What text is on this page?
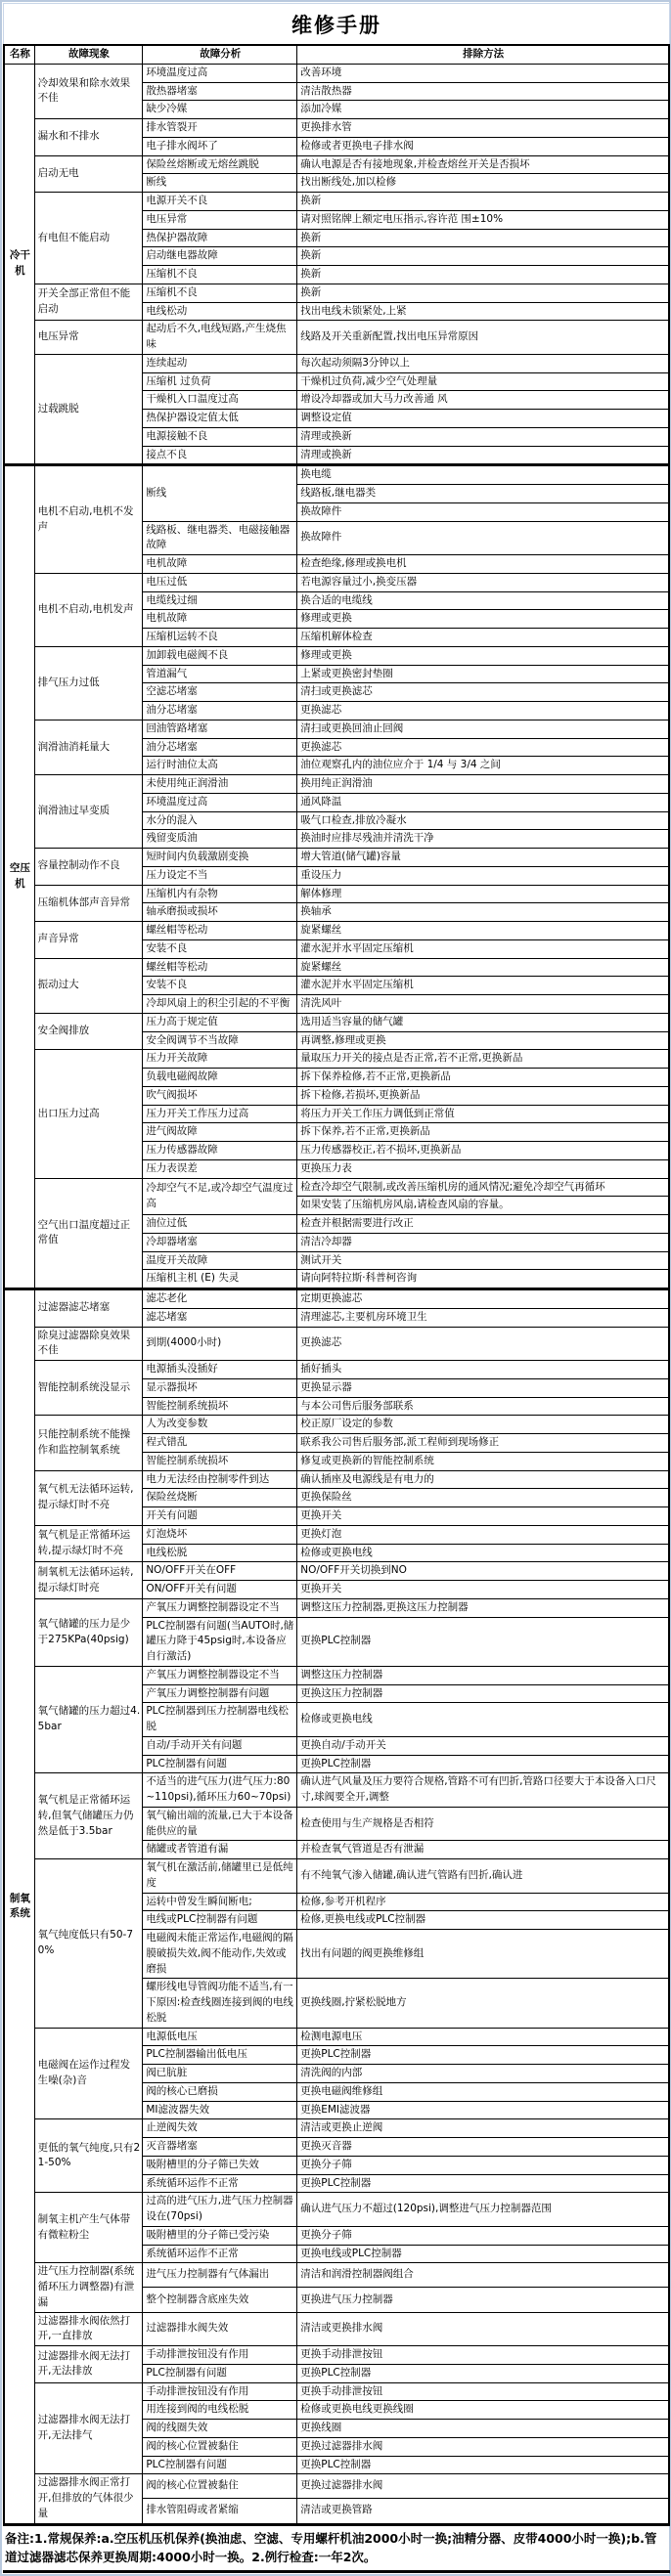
维修手册
名称	故障现象	故障分析	排除方法
冷干机	冷却效果和除水效果不佳	环境温度过高	改善环境
		散热器堵塞	清洁散热器
		缺少冷媒	添加冷媒
	漏水和不排水	排水管裂开	更换排水管
		电子排水阀坏了	检修或者更换电子排水阀
	启动无电	保险丝熔断或无熔丝跳脱	确认电源是否有接地现象,并检查熔丝开关是否损坏
		断线	找出断线处,加以检修
	有电但不能启动	电源开关不良	换新
		电压异常	请对照铭牌上额定电压指示,容许范 围±10%
		热保护器故障	换新
		启动继电器故障	换新
		压缩机不良	换新
	开关全部正常但不能启动	压缩机不良	换新
		电线松动	找出电线未锁紧处,上紧
	电压异常	起动后不久,电线短路,产生烧焦味	线路及开关重新配置,找出电压异常原因
	过载跳脱	连续起动	每次起动须隔3分钟以上
		压缩机 过负荷	干燥机过负荷,减少空气处理量
		干燥机入口温度过高	增设冷却器或加大马力改善通 风
		热保护器设定值太低	调整设定值
		电源接触不良	清理或换新
		接点不良	清理或换新
空压机	电机不启动,电机不发声	断线	换电缆
			线路板,继电器类
			换故障件
		线路板、继电器类、电磁接触器故障	换故障件
		电机故障	检查绝缘,修理或换电机
	电机不启动,电机发声	电压过低	若电源容量过小,换变压器
		电缆线过细	换合适的电缆线
		电机故障	修理或更换
		压缩机运转不良	压缩机解体检查
	排气压力过低	加卸载电磁阀不良	修理或更换
		管道漏气	上紧或更换密封垫圈
		空滤芯堵塞	清扫或更换滤芯
		油分芯堵塞	更换滤芯
	润滑油消耗量大	回油管路堵塞	清扫或更换回油止回阀
		油分芯堵塞	更换滤芯
		运行时油位太高	油位观察孔内的油位应介于 1/4 与 3/4 之间
	润滑油过早变质	未使用纯正润滑油	换用纯正润滑油
		环境温度过高	通风降温
		水分的混入	吸气口检查,排放冷凝水
		残留变质油	换油时应排尽残油并清洗干净
	容量控制动作不良	短时间内负载激剧变换	增大管道(储气罐)容量
		压力设定不当	重设压力
	压缩机体部声音异常	压缩机内有杂物	解体修理
		轴承磨损或损坏	换轴承
	声音异常	螺丝帽等松动	旋紧螺丝
		安装不良	灌水泥并水平固定压缩机
	振动过大	螺丝帽等松动	旋紧螺丝
		安装不良	灌水泥并水平固定压缩机
		冷却风扇上的积尘引起的不平衡	清洗风叶
	安全阀排放	压力高于规定值	选用适当容量的储气罐
		安全阀调节不当故障	再调整,修理或更换
	出口压力过高	压力开关故障	量取压力开关的接点是否正常,若不正常,更换新品
		负载电磁阀故障	拆下保养检修,若不正常,更换新品
		吹气阀损坏	拆下检修,若损坏,更换新品
		压力开关工作压力过高	将压力开关工作压力调低到正常值
		进气阀故障	拆下保养,若不正常,更换新品
		压力传感器故障	压力传感器校正,若不损坏,更换新品
		压力表误差	更换压力表
	空气出口温度超过正常值	冷却空气不足,或冷却空气温度过高	检查冷却空气限制,或改善压缩机房的通风情况;避免冷却空气再循环
			如果安装了压缩机房风扇,请检查风扇的容量。
		油位过低	检查并根据需要进行改正
		冷却器堵塞	清洁冷却器
		温度开关故障	测试开关
		压缩机主机 (E) 失灵	请向阿特拉斯·科普柯咨询
制氧系统	过滤器滤芯堵塞	滤芯老化	定期更换滤芯
		滤芯堵塞	清理滤芯,主要机房环境卫生
	除臭过滤器除臭效果不佳	到期(4000小时)	更换滤芯
	智能控制系统没显示	电源插头没插好	插好插头
		显示器损坏	更换显示器
		智能控制系统损坏	与本公司售后服务部联系
	只能控制系统不能操作和监控制氧系统	人为改变参数	校正原厂设定的参数
		程式错乱	联系我公司售后服务部,派工程师到现场修正
		智能控制系统损坏	修复或更换新的智能控制系统
	氧气机无法循环运转,提示绿灯时不亮	电力无法经由控制零件到达	确认插座及电源线是有电力的
		保险丝烧断	更换保险丝
		开关有问题	更换开关
	氧气机是正常循环运转,提示绿灯时不亮	灯泡烧坏	更换灯泡
		电线松脱	检修或更换电线
	制氧机无法循环运转,提示绿灯时亮	NO/OFF开关在OFF	NO/OFF开关切换到NO
		ON/OFF开关有问题	更换开关
	氧气储罐的压力是少于275KPa(40psig)	产氧压力调整控制器设定不当	调整这压力控制器,更换这压力控制器
		PLC控制器有问题(当AUTO时,储罐压力降于45psig时,本设备应自行激活)	更换PLC控制器
	氧气储罐的压力超过4.5bar	产氧压力调整控制器设定不当	调整这压力控制器
		产氧压力调整控制器有问题	更换这压力控制器
		PLC控制器到压力控制器电线松脱	检修或更换电线
		自动/手动开关有问题	更换自动/手动开关
		PLC控制器有问题	更换PLC控制器
	氧气机是正常循环运转,但氧气储罐压力仍然是低于3.5bar	不适当的进气压力(进气压力:80~110psi),循环压力60~70psi)	确认进气风量及压力要符合规格,管路不可有凹折,管路口径要大于本设备入口尺寸,球阀要全开,调整
		氧气输出端的流量,已大于本设备能供应的量	检查使用与生产规格是否相符
		储罐或者管道有漏	并检查氧气管道是否有泄漏
	氧气纯度低只有50-70%	氧气机在激活前,储罐里已是低纯度	有不纯氧气渗入储罐,确认进气管路有凹折,确认进
		运转中曾发生瞬间断电;	检修,参考开机程序
		电线或PLC控制器有问题	检修,更换电线或PLC控制器
		电磁阀未能正常运作,电磁阀的隔膜破损失效,阀不能动作,失效或磨损	找出有问题的阀更换维修组
		螺形线电导管阀功能不适当,有一下原因:检查线圈连接到阀的电线松脱	更换线圈,拧紧松脱地方
	电磁阀在运作过程发生噪(杂)音	电源低电压	检测电源电压
		PLC控制器输出低电压	更换PLC控制器
		阀已肮脏	清洗阀的内部
		阀的核心已磨损	更换电磁阀维修组
		MI滤波器失效	更换EMI滤波器
	更低的氧气纯度,只有21-50%	止逆阀失效	清洁或更换止逆阀
		灭音器堵塞	更换灭音器
		吸附槽里的分子筛已失效	更换分子筛
		系统循环运作不正常	更换PLC控制器
	制氧主机产生气体带有微粒粉尘	过高的进气压力,进气压力控制器设在(70psi)	确认进气压力不超过(120psi),调整进气压力控制器范围
		吸附槽里的分子筛已受污染	更换分子筛
		系统循环运作不正常	更换电线或PLC控制器
	进气压力控制器(系统循环压力调整器)有泄漏	进气压力控制器有气体漏出	清洁和润滑控制器阀组合
		整个控制器含底座失效	更换进气压力控制器
	过滤器排水阀依然打开,一直排放	过滤器排水阀失效	清洁或更换排水阀
	过滤器排水阀无法打开,无法排放	手动排泄按钮没有作用	更换手动排泄按钮
		PLC控制器有问题	更换PLC控制器
	过滤器排水阀无法打开,无法排气	手动排泄按钮没有作用	更换手动排泄按钮
		用连接到阀的电线松脱	检修或更换电线更换线圈
		阀的线圈失效	更换线圈
		阀的核心位置被黏住	更换过滤器排水阀
		PLC控制器有问题	更换PLC控制器
	过滤器排水阀正常打开,但排放的气体很少量	阀的核心位置被黏住	更换过滤器排水阀
		排水管阻碍或者紧缩	清洁或更换管路
备注:1.常规保养:a.空压机压机保养(换油虑、空滤、专用螺杆机油2000小时一换;油精分器、皮带4000小时一换);b.管道过滤器滤芯保养更换周期:4000小时一换。2.例行检查:一年2次。
